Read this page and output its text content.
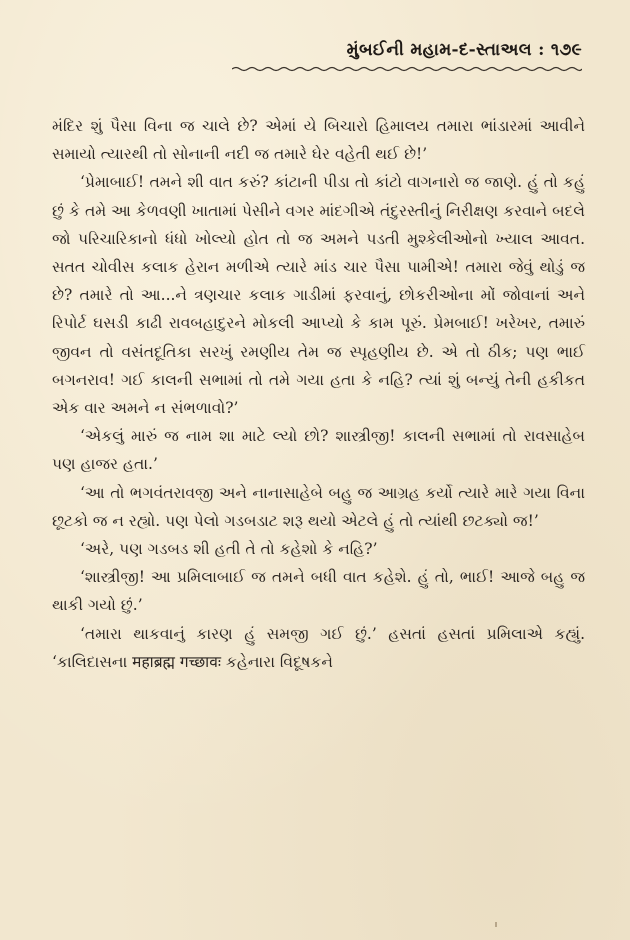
મુંબઈની મહામ-દ-સ્તાઅલ : ૧૭૯

મંદિર શું પૈસા વિના જ ચાલે છે? એમાં યે બિચારો હિમાલય તમારા ભાંડારમાં આવીને સમાયો ત્યારથી તો સોનાની નદી જ તમારે ઘેર વહેતી થઈ છે!’

‘પ્રેમાબાઈ! તમને શી વાત કરું? કાંટાની પીડા તો કાંટો વાગનારો જ જાણે. હું તો કહું છું કે તમે આ કેળવણી ખાતામાં પેસીને વગર માંદગીએ તંદુરસ્તીનું નિરીક્ષણ કરવાને બદલે જો પરિચારિકાનો ધંધો ખોલ્યો હોત તો જ અમને પડતી મુશ્કેલીઓનો ખ્યાલ આવત. સતત ચોવીસ કલાક હેરાન મળીએ ત્યારે માંડ ચાર પૈસા પામીએ! તમારા જેવું થોડું જ છે? તમારે તો આ...ને ત્રણચાર કલાક ગાડીમાં ફરવાનું, છોકરીઓના મોં જોવાનાં અને રિપોર્ટ ઘસડી કાઢી રાવબહાદુરને મોકલી આપ્યો કે કામ પૂરું. પ્રેમબાઈ! ખરેખર, તમારું જીવન તો વસંતદૂતિકા સરખું રમણીય તેમ જ સ્પૃહણીય છે. એ તો ઠીક; પણ ભાઈ બગનરાવ! ગઈ કાલની સભામાં તો તમે ગયા હતા કે નહિ? ત્યાં શું બન્યું તેની હકીકત એક વાર અમને ન સંભળાવો?’

‘એકલું મારું જ નામ શા માટે લ્યો છો? શાસ્ત્રીજી! કાલની સભામાં તો રાવસાહેબ પણ હાજર હતા.’

‘આ તો ભગવંતરાવજી અને નાનાસાહેબે બહુ જ આગ્રહ કર્યો ત્યારે મારે ગયા વિના છૂટકો જ ન રહ્યો. પણ પેલો ગડબડાટ શરૂ થયો એટલે હું તો ત્યાંથી છટક્યો જ!’

‘અરે, પણ ગડબડ શી હતી તે તો કહેશો કે નહિ?’

‘શાસ્ત્રીજી! આ પ્રમિલાબાઈ જ તમને બધી વાત કહેશે. હું તો, ભાઈ! આજે બહુ જ થાકી ગયો છું.’

‘તમારા થાકવાનું કારણ હું સમજી ગઈ છું.’ હસતાં હસતાં પ્રમિલાએ કહ્યું. ‘કાલિદાસના महाब्रह्म गच्छावः કહેનારા વિદૂષકને
